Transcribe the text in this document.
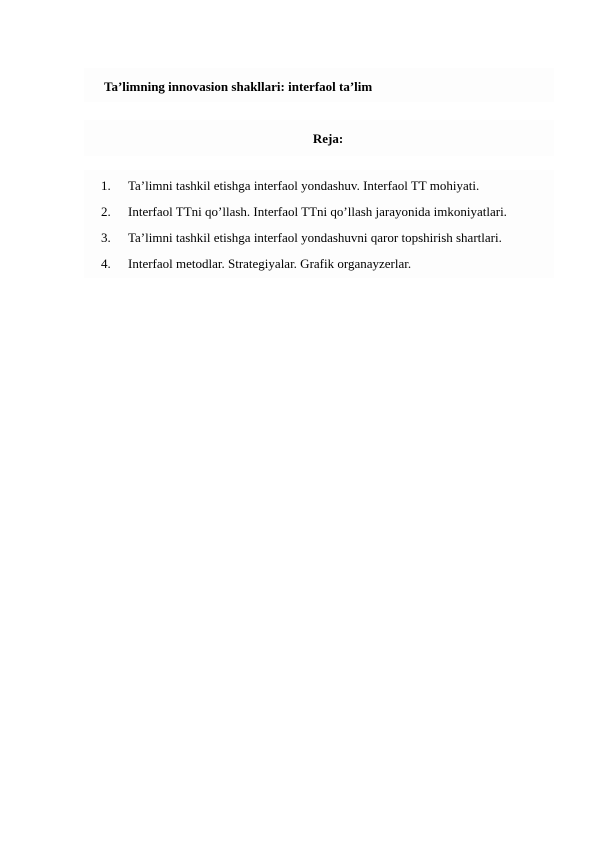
Ta’limning innovasion shakllari: interfaol ta’lim
Reja:
1.	Ta’limni tashkil etishga interfaol yondashuv. Interfaol TT mohiyati.
2.	Interfaol TTni qo’llash. Interfaol TTni qo’llash jarayonida imkoniyatlari.
3.	Ta’limni tashkil etishga interfaol yondashuvni qaror topshirish shartlari.
4.	Interfaol metodlar. Strategiyalar. Grafik organayzerlar.
